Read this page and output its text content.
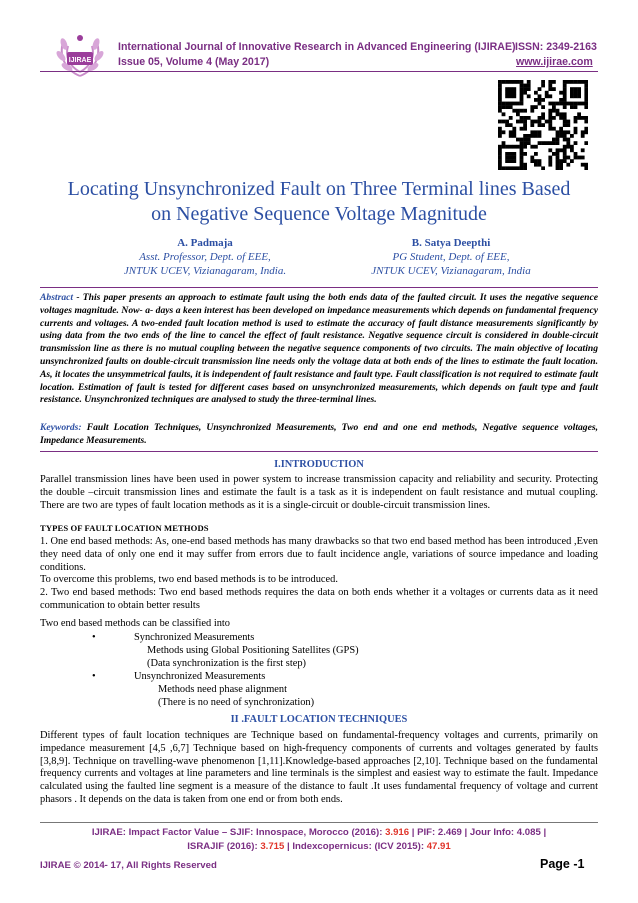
IJIRAE
International Journal of Innovative Research in Advanced Engineering (IJIRAE)
Issue 05, Volume 4 (May 2017)
ISSN: 2349-2163
www.ijirae.com
Locating Unsynchronized Fault on Three Terminal lines Based
on Negative Sequence Voltage Magnitude
A. Padmaja
Asst. Professor, Dept. of EEE,
JNTUK UCEV, Vizianagaram, India.
B. Satya Deepthi
PG Student, Dept. of EEE,
JNTUK UCEV, Vizianagaram, India
Abstract - This paper presents an approach to estimate fault using the both ends data of the faulted circuit. It uses the negative sequence voltages magnitude. Now- a- days a keen interest has been developed on impedance measurements which depends on fundamental frequency currents and voltages. A two-ended fault location method is used to estimate the accuracy of fault distance measurements significantly by using data from the two ends of the line to cancel the effect of fault resistance. Negative sequence circuit is considered in double-circuit transmission line as there is no mutual coupling between the negative sequence components of two circuits. The main objective of locating unsynchronized faults on double-circuit transmission line needs only the voltage data at both ends of the lines to estimate the fault location. As, it locates the unsymmetrical faults, it is independent of fault resistance and fault type. Fault classification is not required to estimate fault location. Estimation of fault is tested for different cases based on unsynchronized measurements, which depends on fault type and fault resistance. Unsynchronized techniques are analysed to study the three-terminal lines.
Keywords: Fault Location Techniques, Unsynchronized Measurements, Two end and one end methods, Negative sequence voltages, Impedance Measurements.
I.INTRODUCTION
Parallel transmission lines have been used in power system to increase transmission capacity and reliability and security. Protecting the double –circuit transmission lines and estimate the fault is a task as it is independent on fault resistance and mutual coupling. There are two are types of fault location methods as it is a single-circuit or double-circuit transmission lines.
TYPES OF FAULT LOCATION METHODS
1. One end based methods: As, one-end based methods has many drawbacks so that two end based method has been introduced ,Even they need data of only one end it may suffer from errors due to fault incidence angle, variations of source impedance and loading conditions.
To overcome this problems, two end based methods is to be introduced.
2. Two end based methods: Two end based methods requires the data on both ends whether it a voltages or currents data as it need communication to obtain better results
Two end based methods can be classified into
•	Synchronized Measurements
Methods using Global Positioning Satellites (GPS)
(Data synchronization is the first step)
•	Unsynchronized Measurements
Methods need phase alignment
(There is no need of synchronization)
II .FAULT LOCATION TECHNIQUES
Different types of fault location techniques are Technique based on fundamental-frequency voltages and currents, primarily on impedance measurement [4,5 ,6,7] Technique based on high-frequency components of currents and voltages generated by faults [3,8,9]. Technique on travelling-wave phenomenon [1,11].Knowledge-based approaches [2,10]. Technique based on the fundamental frequency currents and voltages at line parameters and line terminals is the simplest and easiest way to estimate the fault. Impedance calculated using the faulted line segment is a measure of the distance to fault .It uses fundamental frequency of voltage and current phasors . It depends on the data is taken from one end or from both ends.
IJIRAE: Impact Factor Value – SJIF: Innospace, Morocco (2016): 3.916 | PIF: 2.469 | Jour Info: 4.085 |
ISRAJIF (2016): 3.715 | Indexcopernicus: (ICV 2015): 47.91
IJIRAE © 2014- 17, All Rights Reserved	Page -1
